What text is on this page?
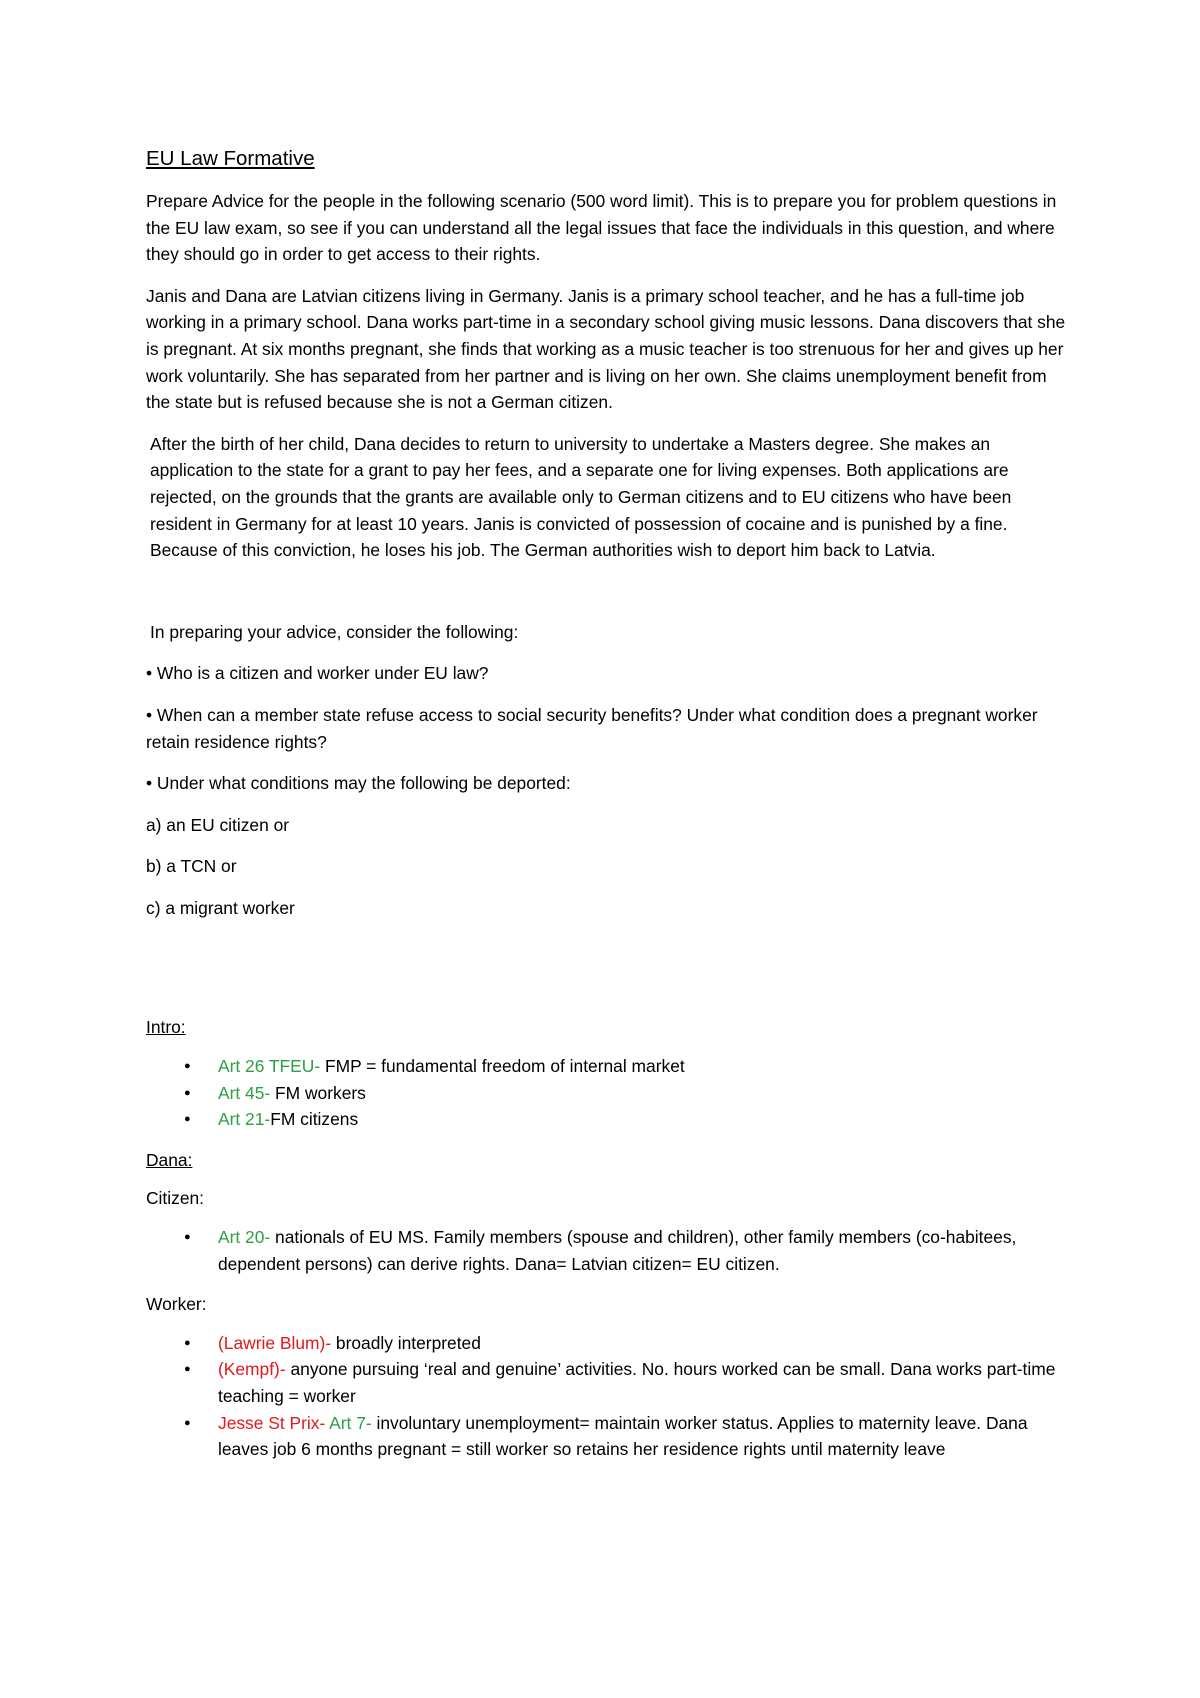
EU Law Formative

Prepare Advice for the people in the following scenario (500 word limit). This is to prepare you for problem questions in the EU law exam, so see if you can understand all the legal issues that face the individuals in this question, and where they should go in order to get access to their rights.

Janis and Dana are Latvian citizens living in Germany. Janis is a primary school teacher, and he has a full-time job working in a primary school. Dana works part-time in a secondary school giving music lessons. Dana discovers that she is pregnant. At six months pregnant, she finds that working as a music teacher is too strenuous for her and gives up her work voluntarily. She has separated from her partner and is living on her own. She claims unemployment benefit from the state but is refused because she is not a German citizen.

After the birth of her child, Dana decides to return to university to undertake a Masters degree. She makes an application to the state for a grant to pay her fees, and a separate one for living expenses. Both applications are rejected, on the grounds that the grants are available only to German citizens and to EU citizens who have been resident in Germany for at least 10 years. Janis is convicted of possession of cocaine and is punished by a fine. Because of this conviction, he loses his job. The German authorities wish to deport him back to Latvia.

In preparing your advice, consider the following:

• Who is a citizen and worker under EU law?

• When can a member state refuse access to social security benefits? Under what condition does a pregnant worker retain residence rights?

• Under what conditions may the following be deported:

a) an EU citizen or

b) a TCN or

c) a migrant worker

Intro:

● Art 26 TFEU- FMP = fundamental freedom of internal market
● Art 45- FM workers
● Art 21-FM citizens

Dana:

Citizen:

● Art 20- nationals of EU MS. Family members (spouse and children), other family members (co-habitees, dependent persons) can derive rights. Dana= Latvian citizen= EU citizen.

Worker:

● (Lawrie Blum)- broadly interpreted
● (Kempf)- anyone pursuing ‘real and genuine’ activities. No. hours worked can be small. Dana works part-time teaching = worker
● Jesse St Prix- Art 7- involuntary unemployment= maintain worker status. Applies to maternity leave. Dana leaves job 6 months pregnant = still worker so retains her residence rights until maternity leave
